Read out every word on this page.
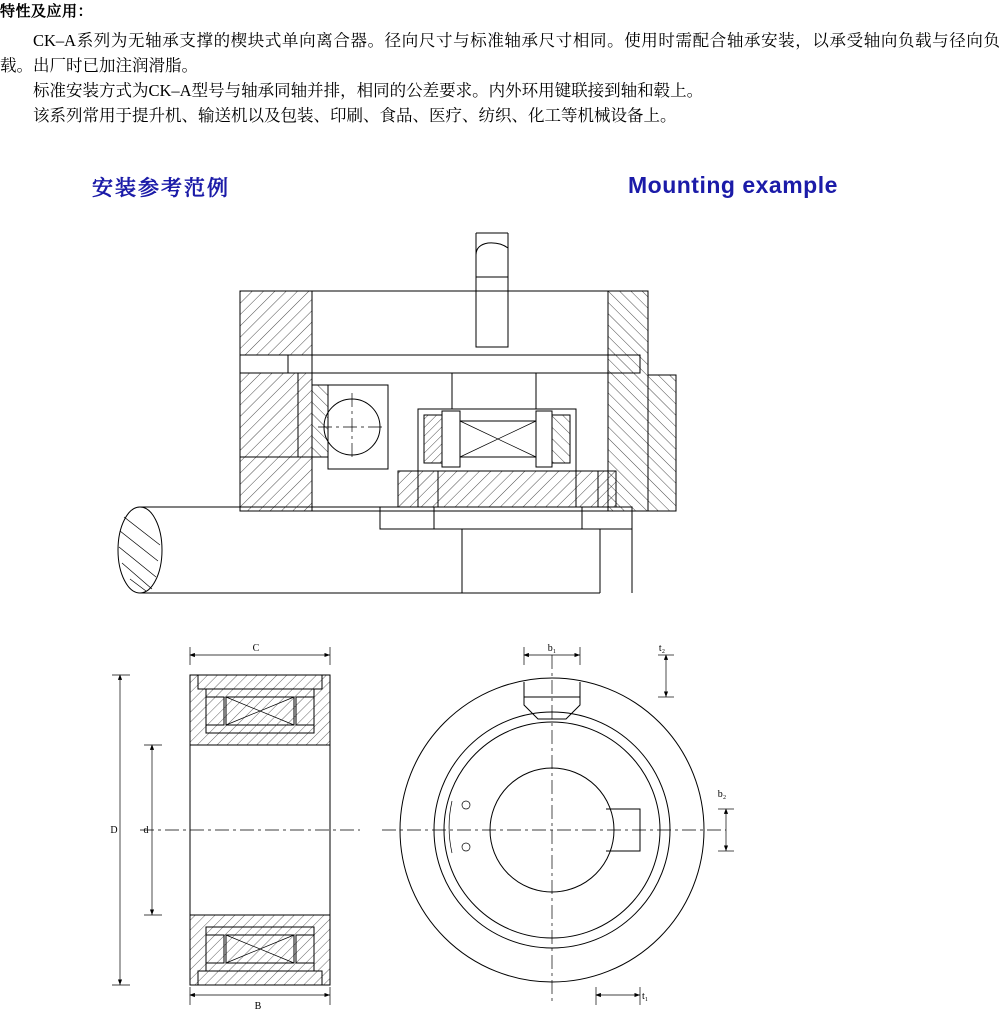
特性及应用：

CK–A系列为无轴承支撑的楔块式单向离合器。径向尺寸与标准轴承尺寸相同。使用时需配合轴承安装，以承受轴向负载与径向负载。出厂时已加注润滑脂。

标准安装方式为CK–A型号与轴承同轴并排，相同的公差要求。内外环用键联接到轴和毂上。

该系列常用于提升机、输送机以及包装、印刷、食品、医疗、纺织、化工等机械设备上。

安装参考范例	Mounting example
C
B
D	d
b₁	t₂
b₂
t₁
